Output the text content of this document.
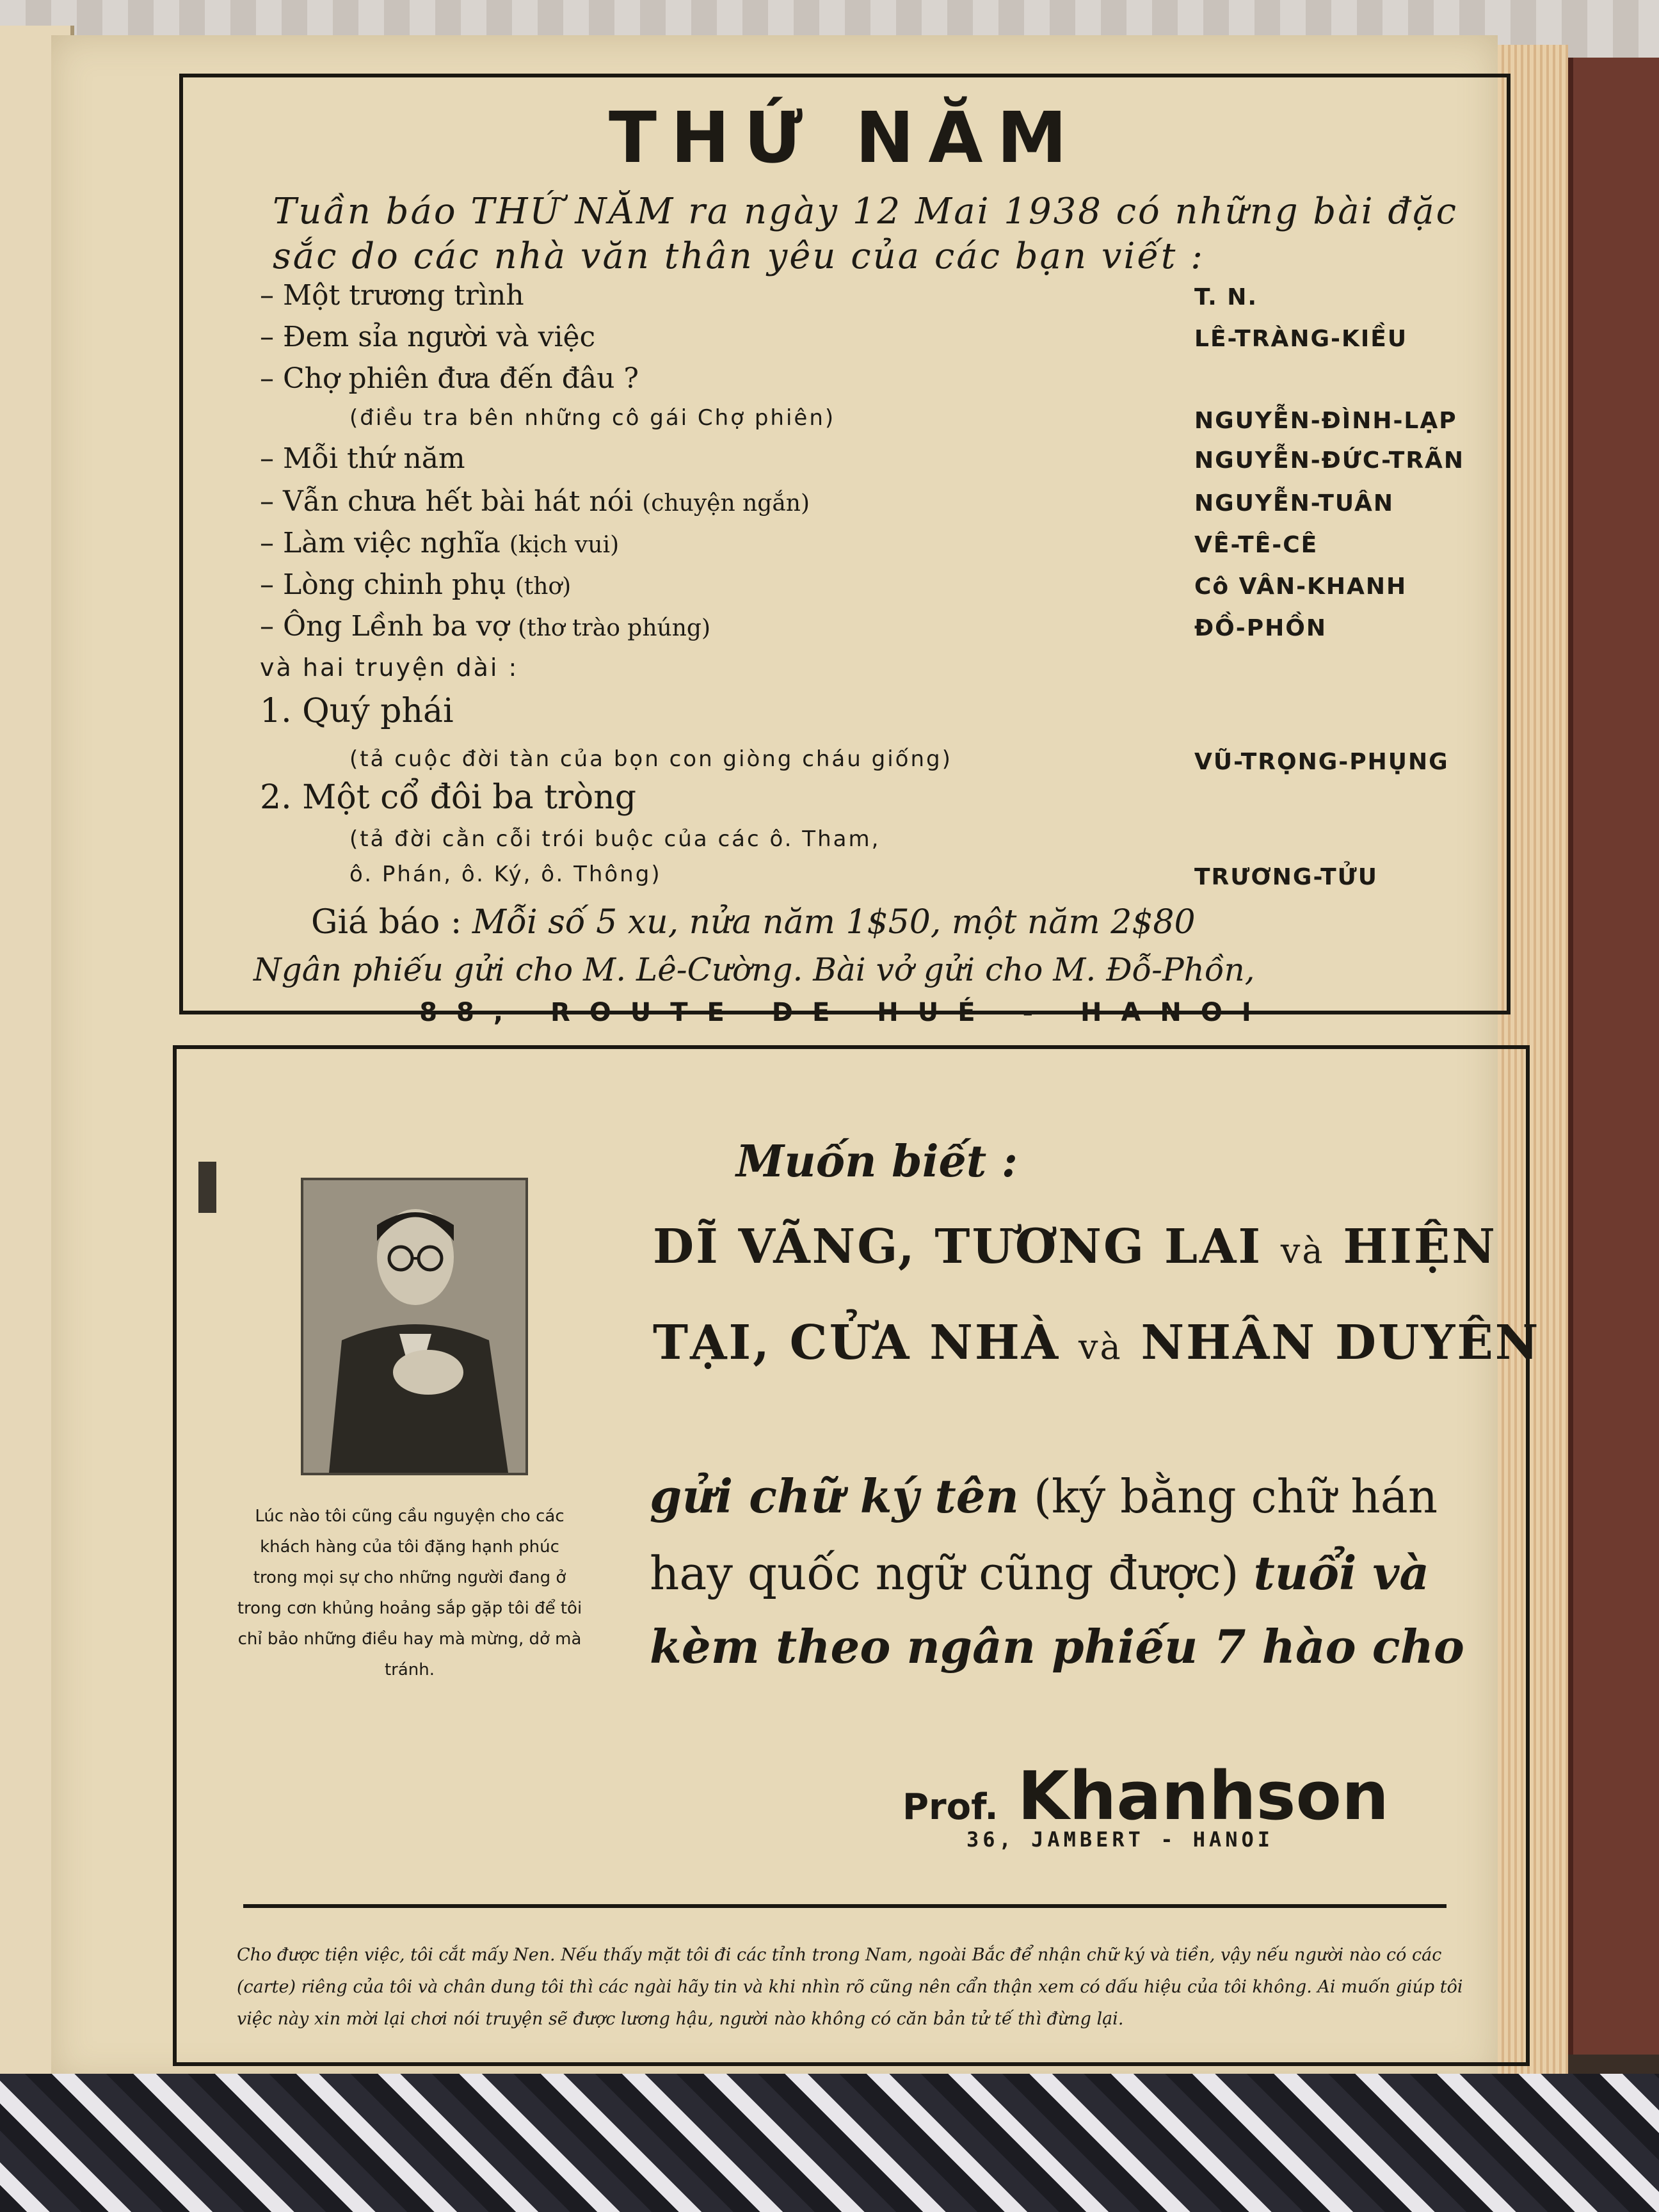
THỨ NĂM
Tuần báo THỨ NĂM ra ngày 12 Mai 1938 có những bài đặc sắc do các nhà văn thân yêu của các bạn viết :
– Một trương trình	T. N.
– Đem sỉa người và việc	LÊ-TRÀNG-KIỀU
– Chợ phiên đưa đến đâu ?
(điều tra bên những cô gái Chợ phiên)	NGUYỄN-ĐÌNH-LẠP
– Mỗi thứ năm	NGUYỄN-ĐỨC-TRÃN
– Vẫn chưa hết bài hát nói (chuyện ngắn)	NGUYỄN-TUÂN
– Làm việc nghĩa (kịch vui)	VÊ-TÊ-CÊ
– Lòng chinh phụ (thơ)	Cô VÂN-KHANH
– Ông Lềnh ba vợ (thơ trào phúng)	ĐỒ-PHỒN
và hai truyện dài :
1. Quý phái
(tả cuộc đời tàn của bọn con giòng cháu giống)	VŨ-TRỌNG-PHỤNG
2. Một cổ đôi ba tròng
(tả đời cằn cỗi trói buộc của các ô. Tham,
ô. Phán, ô. Ký, ô. Thông)	TRƯƠNG-TỬU
Giá báo : Mỗi số 5 xu, nửa năm 1$50, một năm 2$80
Ngân phiếu gửi cho M. Lê-Cường. Bài vở gửi cho M. Đỗ-Phồn,
88, ROUTE DE HUÉ - HANOI
Lúc nào tôi cũng cầu nguyện cho các khách hàng của tôi đặng hạnh phúc trong mọi sự cho những người đang ở trong cơn khủng hoảng sắp gặp tôi để tôi chỉ bảo những điều hay mà mừng, dở mà tránh.
Muốn biết :
DĨ VÃNG, TƯƠNG LAI và HIỆN
TẠI, CỬA NHÀ và NHÂN DUYÊN
gửi chữ ký tên (ký bằng chữ hán
hay quốc ngữ cũng được) tuổi và
kèm theo ngân phiếu 7 hào cho
Prof. Khanhson
36, JAMBERT - HANOI
Cho được tiện việc, tôi cắt mấy Nen. Nếu thấy mặt tôi đi các tỉnh trong Nam, ngoài Bắc để nhận chữ ký và tiền, vậy nếu người nào có các (carte) riêng của tôi và chân dung tôi thì các ngài hãy tin và khi nhìn rõ cũng nên cẩn thận xem có dấu hiệu của tôi không. Ai muốn giúp tôi việc này xin mời lại chơi nói truyện sẽ được lương hậu, người nào không có căn bản tử tế thì đừng lại.
